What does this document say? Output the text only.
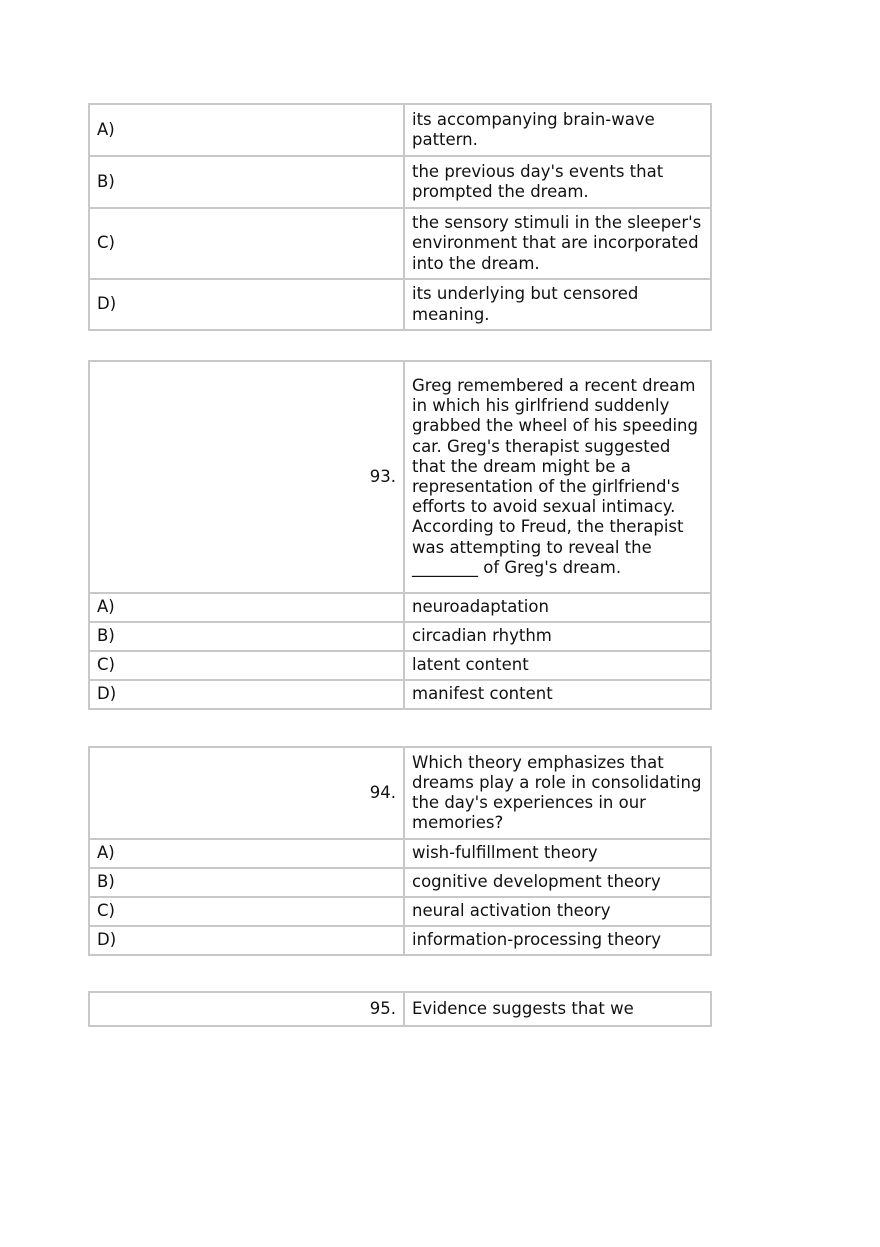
A)	its accompanying brain-wave pattern.
B)	the previous day's events that prompted the dream.
C)	the sensory stimuli in the sleeper's environment that are incorporated into the dream.
D)	its underlying but censored meaning.
93.	Greg remembered a recent dream in which his girlfriend suddenly grabbed the wheel of his speeding car. Greg's therapist suggested that the dream might be a representation of the girlfriend's efforts to avoid sexual intimacy. According to Freud, the therapist was attempting to reveal the ________ of Greg's dream.
A)	neuroadaptation
B)	circadian rhythm
C)	latent content
D)	manifest content
94.	Which theory emphasizes that dreams play a role in consolidating the day's experiences in our memories?
A)	wish-fulfillment theory
B)	cognitive development theory
C)	neural activation theory
D)	information-processing theory
95.	Evidence suggests that we
